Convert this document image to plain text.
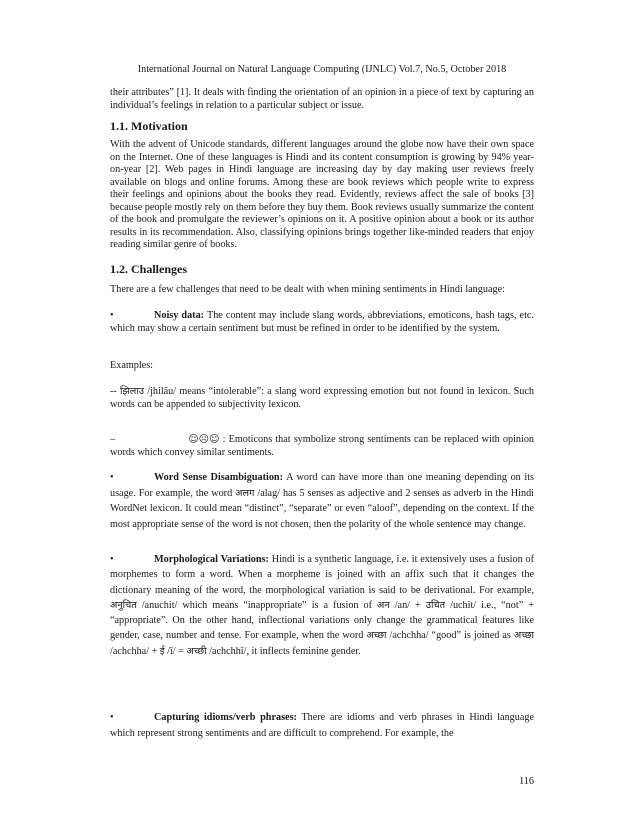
International Journal on Natural Language Computing (IJNLC) Vol.7, No.5, October 2018
their attributes” [1]. It deals with finding the orientation of an opinion in a piece of text by capturing an individual’s feelings in relation to a particular subject or issue.
1.1. Motivation
With the advent of Unicode standards, different languages around the globe now have their own space on the Internet. One of these languages is Hindi and its content consumption is growing by 94% year-on-year [2]. Web pages in Hindi language are increasing day by day making user reviews freely available on blogs and online forums. Among these are book reviews which people write to express their feelings and opinions about the books they read. Evidently, reviews affect the sale of books [3] because people mostly rely on them before they buy them. Book reviews usually summarize the content of the book and promulgate the reviewer’s opinions on it. A positive opinion about a book or its author results in its recommendation. Also, classifying opinions brings together like-minded readers that enjoy reading similar genre of books.
1.2. Challenges
There are a few challenges that need to be dealt with when mining sentiments in Hindi language:
•	Noisy data: The content may include slang words, abbreviations, emoticons, hash tags, etc. which may show a certain sentiment but must be refined in order to be identified by the system.
Examples:
-- झिलाउ /jhilāu/ means “intolerable”: a slang word expressing emotion but not found in lexicon. Such words can be appended to subjectivity lexicon.
–	☺☹☺ : Emoticons that symbolize strong sentiments can be replaced with opinion words which convey similar sentiments.
•	Word Sense Disambiguation: A word can have more than one meaning depending on its usage. For example, the word अलग /alag/ has 5 senses as adjective and 2 senses as adverb in the Hindi WordNet lexicon. It could mean “distinct”, “separate” or even “aloof”, depending on the context. If the most appropriate sense of the word is not chosen, then the polarity of the whole sentence may change.
•	Morphological Variations: Hindi is a synthetic language, i.e. it extensively uses a fusion of morphemes to form a word. When a morpheme is joined with an affix such that it changes the dictionary meaning of the word, the morphological variation is said to be derivational. For example, अनुचित /anuchit/ which means “inappropriate” is a fusion of अन /an/ + उचित /uchit/ i.e., “not” + “appropriate”. On the other hand, inflectional variations only change the grammatical features like gender, case, number and tense. For example, when the word अच्छा /achchha/ “good” is joined as अच्छा /achchha/ + ई /ī/ = अच्छी /achchhī/, it inflects feminine gender.
•	Capturing idioms/verb phrases: There are idioms and verb phrases in Hindi language which represent strong sentiments and are difficult to comprehend. For example, the
116
